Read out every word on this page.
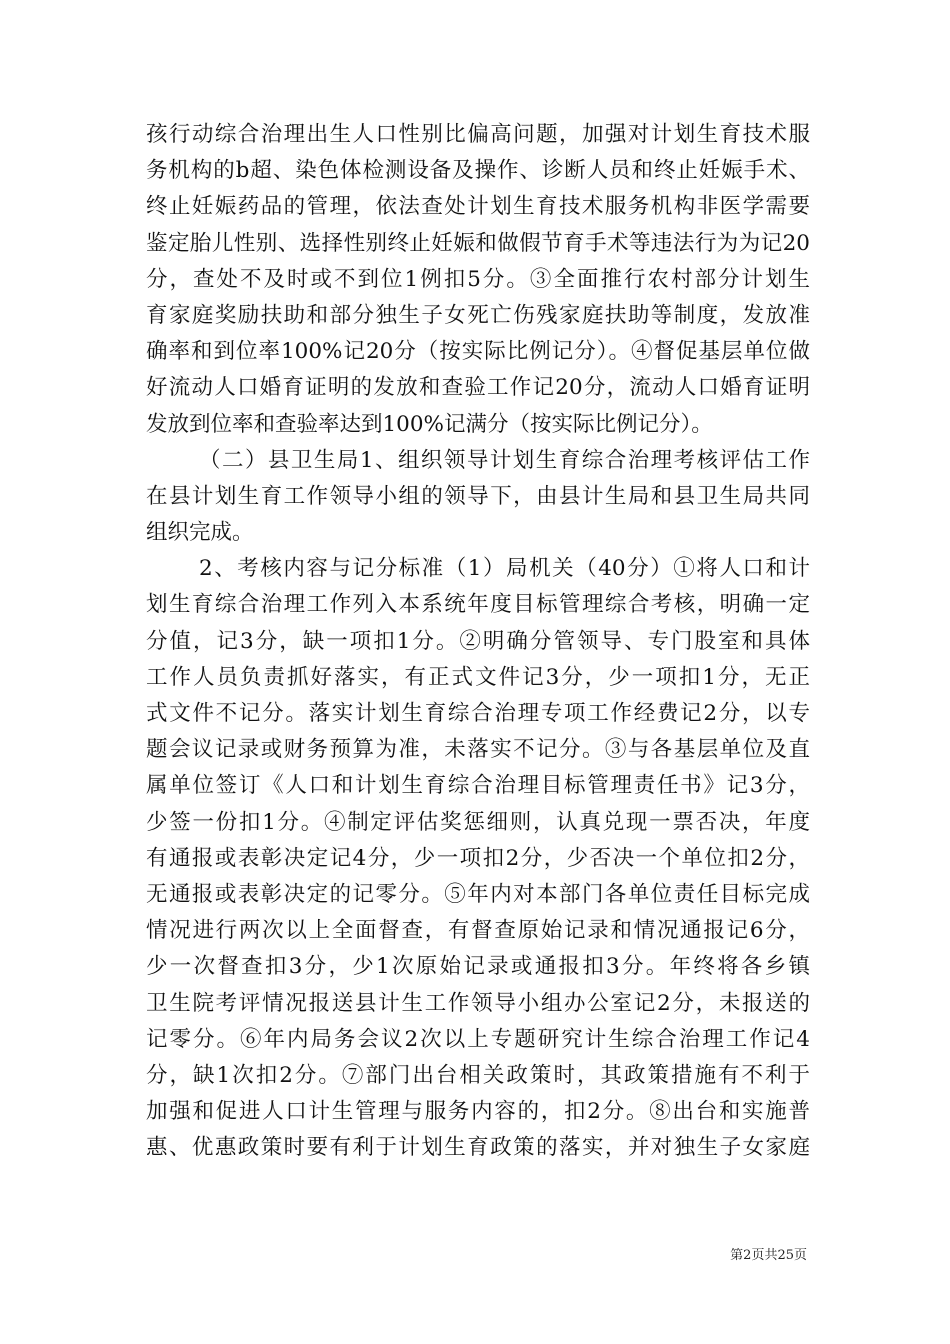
孩行动综合治理出生人口性别比偏高问题，加强对计划生育技术服
务机构的b超、染色体检测设备及操作、诊断人员和终止妊娠手术、
终止妊娠药品的管理，依法查处计划生育技术服务机构非医学需要
鉴定胎儿性别、选择性别终止妊娠和做假节育手术等违法行为为记20
分，查处不及时或不到位1例扣5分。③全面推行农村部分计划生
育家庭奖励扶助和部分独生子女死亡伤残家庭扶助等制度，发放准
确率和到位率100%记20分（按实际比例记分）。④督促基层单位做
好流动人口婚育证明的发放和查验工作记20分，流动人口婚育证明
发放到位率和查验率达到100%记满分（按实际比例记分）。
（二）县卫生局1、组织领导计划生育综合治理考核评估工作
在县计划生育工作领导小组的领导下，由县计生局和县卫生局共同
组织完成。
2、考核内容与记分标准（1）局机关（40分）①将人口和计
划生育综合治理工作列入本系统年度目标管理综合考核，明确一定
分值，记3分，缺一项扣1分。②明确分管领导、专门股室和具体
工作人员负责抓好落实，有正式文件记3分，少一项扣1分，无正
式文件不记分。落实计划生育综合治理专项工作经费记2分，以专
题会议记录或财务预算为准，未落实不记分。③与各基层单位及直
属单位签订《人口和计划生育综合治理目标管理责任书》记3分，
少签一份扣1分。④制定评估奖惩细则，认真兑现一票否决，年度
有通报或表彰决定记4分，少一项扣2分，少否决一个单位扣2分，
无通报或表彰决定的记零分。⑤年内对本部门各单位责任目标完成
情况进行两次以上全面督查，有督查原始记录和情况通报记6分，
少一次督查扣3分，少1次原始记录或通报扣3分。年终将各乡镇
卫生院考评情况报送县计生工作领导小组办公室记2分，未报送的
记零分。⑥年内局务会议2次以上专题研究计生综合治理工作记4
分，缺1次扣2分。⑦部门出台相关政策时，其政策措施有不利于
加强和促进人口计生管理与服务内容的，扣2分。⑧出台和实施普
惠、优惠政策时要有利于计划生育政策的落实，并对独生子女家庭
第2页共25页
